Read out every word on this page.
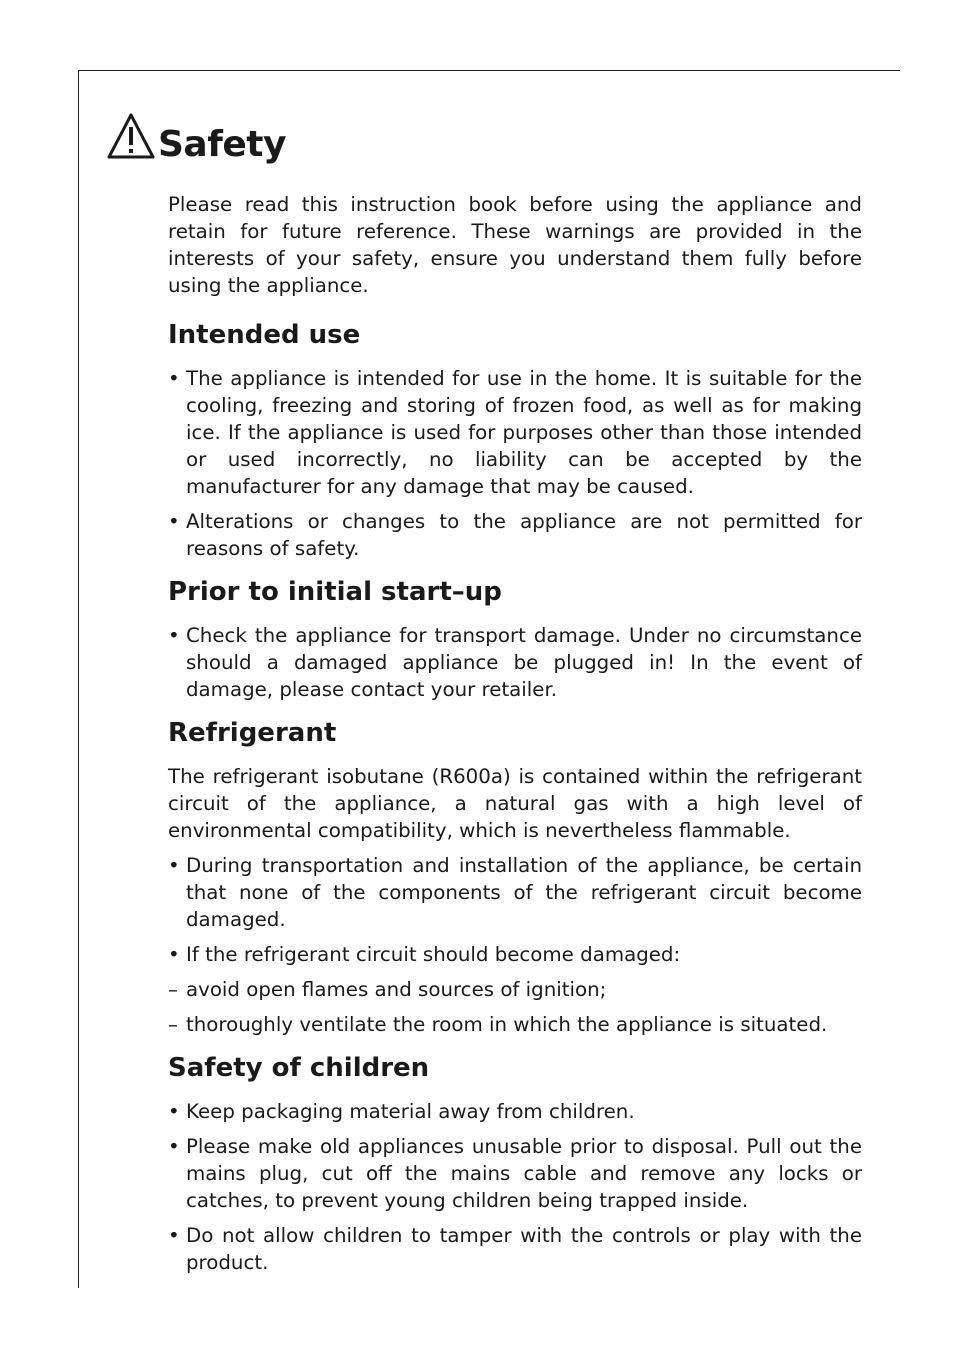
Safety

Please read this instruction book before using the appliance and retain for future reference. These warnings are provided in the interests of your safety, ensure you understand them fully before using the appliance.

Intended use
• The appliance is intended for use in the home. It is suitable for the cooling, freezing and storing of frozen food, as well as for making ice. If the appliance is used for purposes other than those intended or used incorrectly, no liability can be accepted by the manufacturer for any damage that may be caused.
• Alterations or changes to the appliance are not permitted for reasons of safety.
Prior to initial start–up
• Check the appliance for transport damage. Under no circumstance should a damaged appliance be plugged in! In the event of damage, please contact your retailer.
Refrigerant

The refrigerant isobutane (R600a) is contained within the refrigerant circuit of the appliance, a natural gas with a high level of environmental compatibility, which is nevertheless flammable.

• During transportation and installation of the appliance, be certain that none of the components of the refrigerant circuit become damaged.
• If the refrigerant circuit should become damaged:
– avoid open flames and sources of ignition;
– thoroughly ventilate the room in which the appliance is situated.
Safety of children
• Keep packaging material away from children.
• Please make old appliances unusable prior to disposal. Pull out the mains plug, cut off the mains cable and remove any locks or catches, to prevent young children being trapped inside.
• Do not allow children to tamper with the controls or play with the product.
